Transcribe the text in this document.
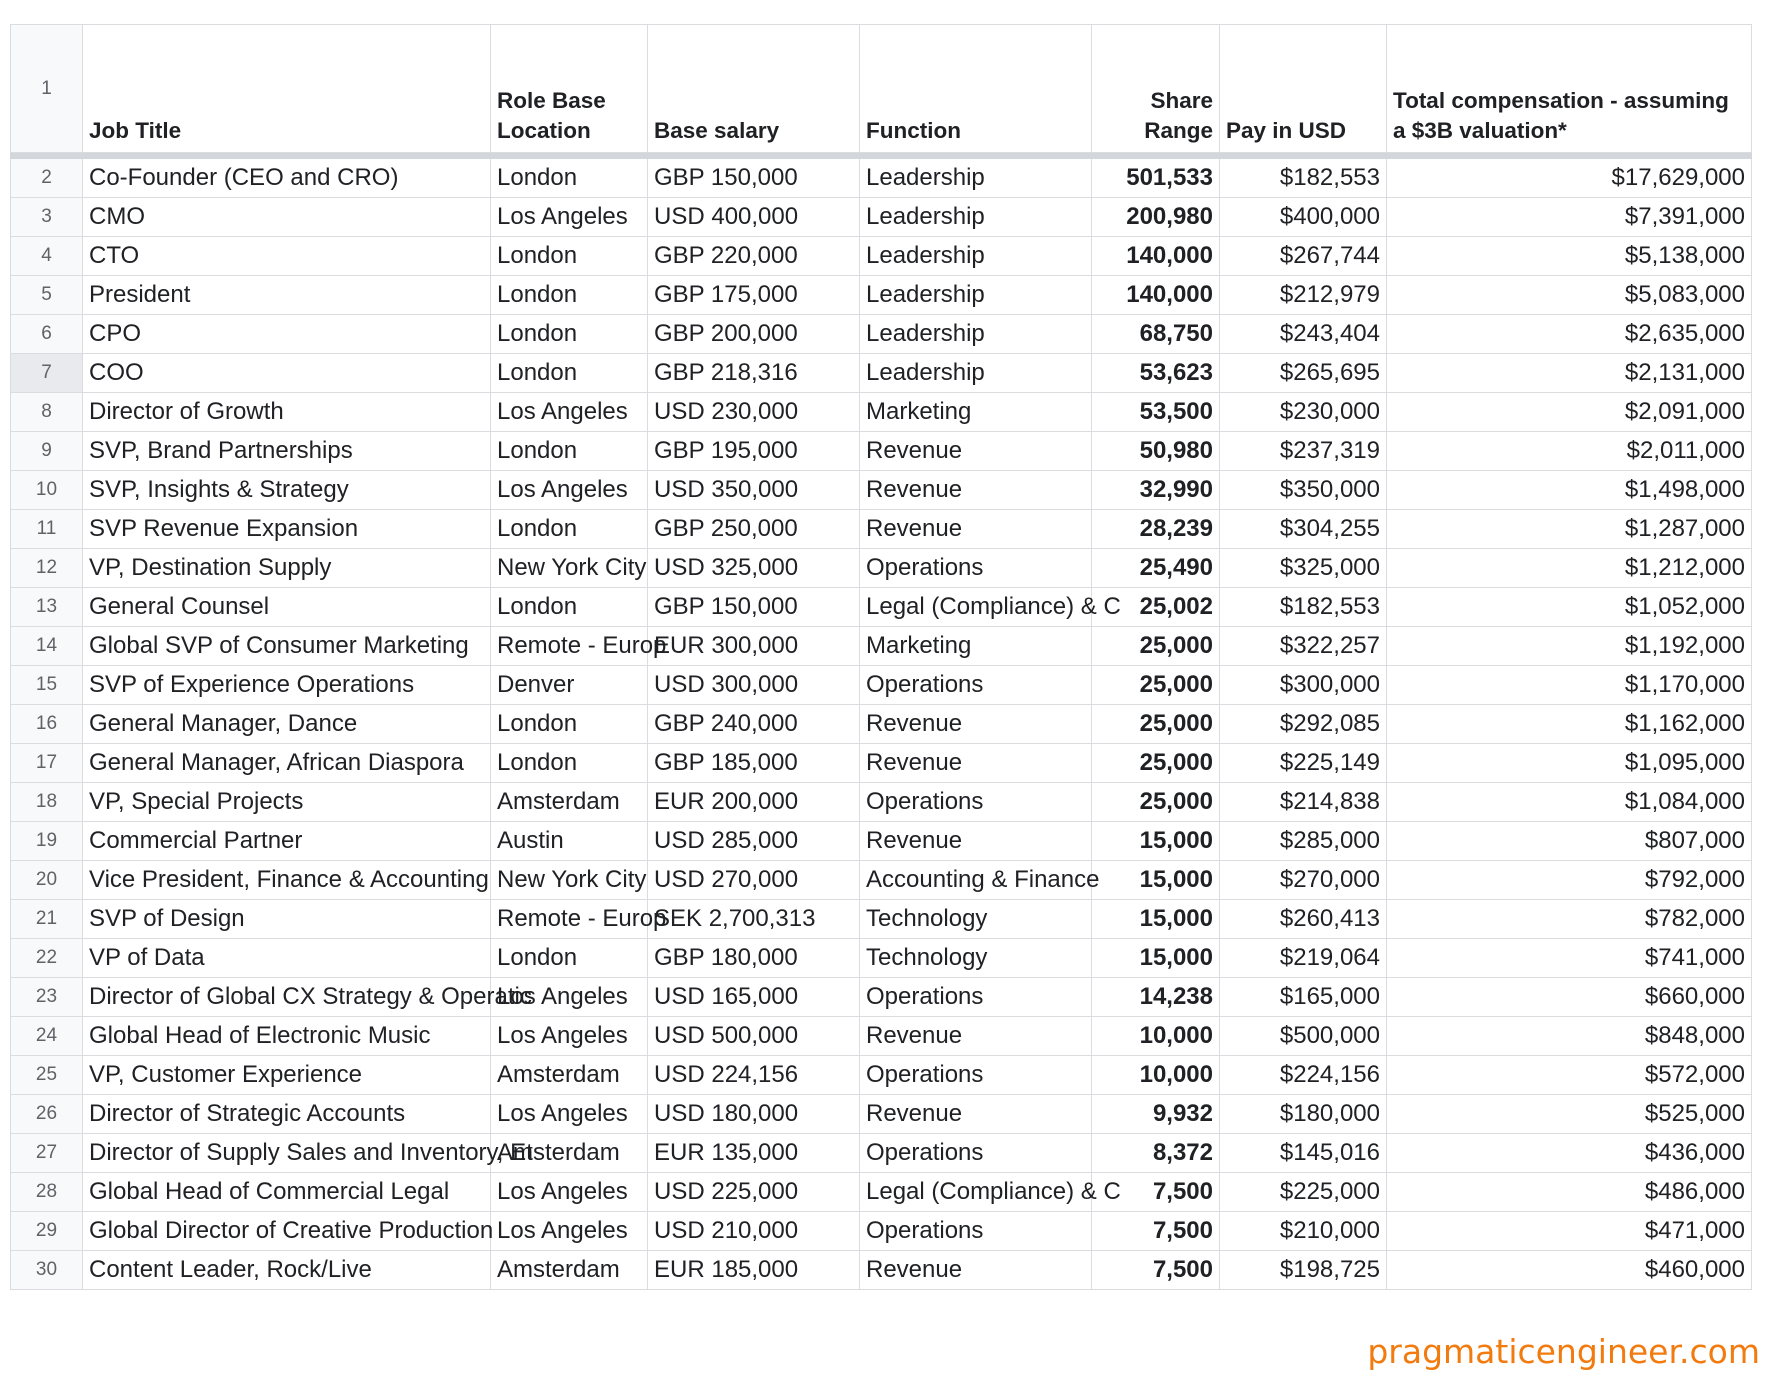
1	Job Title	Role Base Location	Base salary	Function	Share Range	Pay in USD	Total compensation - assuming a $3B valuation*

2	Co-Founder (CEO and CRO)	London	GBP 150,000	Leadership	501,533	$182,553	$17,629,000
3	CMO	Los Angeles	USD 400,000	Leadership	200,980	$400,000	$7,391,000
4	CTO	London	GBP 220,000	Leadership	140,000	$267,744	$5,138,000
5	President	London	GBP 175,000	Leadership	140,000	$212,979	$5,083,000
6	CPO	London	GBP 200,000	Leadership	68,750	$243,404	$2,635,000
7	COO	London	GBP 218,316	Leadership	53,623	$265,695	$2,131,000
8	Director of Growth	Los Angeles	USD 230,000	Marketing	53,500	$230,000	$2,091,000
9	SVP, Brand Partnerships	London	GBP 195,000	Revenue	50,980	$237,319	$2,011,000
10	SVP, Insights & Strategy	Los Angeles	USD 350,000	Revenue	32,990	$350,000	$1,498,000
11	SVP Revenue Expansion	London	GBP 250,000	Revenue	28,239	$304,255	$1,287,000
12	VP, Destination Supply	New York City	USD 325,000	Operations	25,490	$325,000	$1,212,000
13	General Counsel	London	GBP 150,000	Legal (Compliance) & C	25,002	$182,553	$1,052,000
14	Global SVP of Consumer Marketing	Remote - Europ	EUR 300,000	Marketing	25,000	$322,257	$1,192,000
15	SVP of Experience Operations	Denver	USD 300,000	Operations	25,000	$300,000	$1,170,000
16	General Manager, Dance	London	GBP 240,000	Revenue	25,000	$292,085	$1,162,000
17	General Manager, African Diaspora	London	GBP 185,000	Revenue	25,000	$225,149	$1,095,000
18	VP, Special Projects	Amsterdam	EUR 200,000	Operations	25,000	$214,838	$1,084,000
19	Commercial Partner	Austin	USD 285,000	Revenue	15,000	$285,000	$807,000
20	Vice President, Finance & Accounting	New York City	USD 270,000	Accounting & Finance	15,000	$270,000	$792,000
21	SVP of Design	Remote - Europ	SEK 2,700,313	Technology	15,000	$260,413	$782,000
22	VP of Data	London	GBP 180,000	Technology	15,000	$219,064	$741,000
23	Director of Global CX Strategy & Operatic	Los Angeles	USD 165,000	Operations	14,238	$165,000	$660,000
24	Global Head of Electronic Music	Los Angeles	USD 500,000	Revenue	10,000	$500,000	$848,000
25	VP, Customer Experience	Amsterdam	USD 224,156	Operations	10,000	$224,156	$572,000
26	Director of Strategic Accounts	Los Angeles	USD 180,000	Revenue	9,932	$180,000	$525,000
27	Director of Supply Sales and Inventory, Et	Amsterdam	EUR 135,000	Operations	8,372	$145,016	$436,000
28	Global Head of Commercial Legal	Los Angeles	USD 225,000	Legal (Compliance) & C	7,500	$225,000	$486,000
29	Global Director of Creative Production	Los Angeles	USD 210,000	Operations	7,500	$210,000	$471,000
30	Content Leader, Rock/Live	Amsterdam	EUR 185,000	Revenue	7,500	$198,725	$460,000
pragmaticengineer.com
